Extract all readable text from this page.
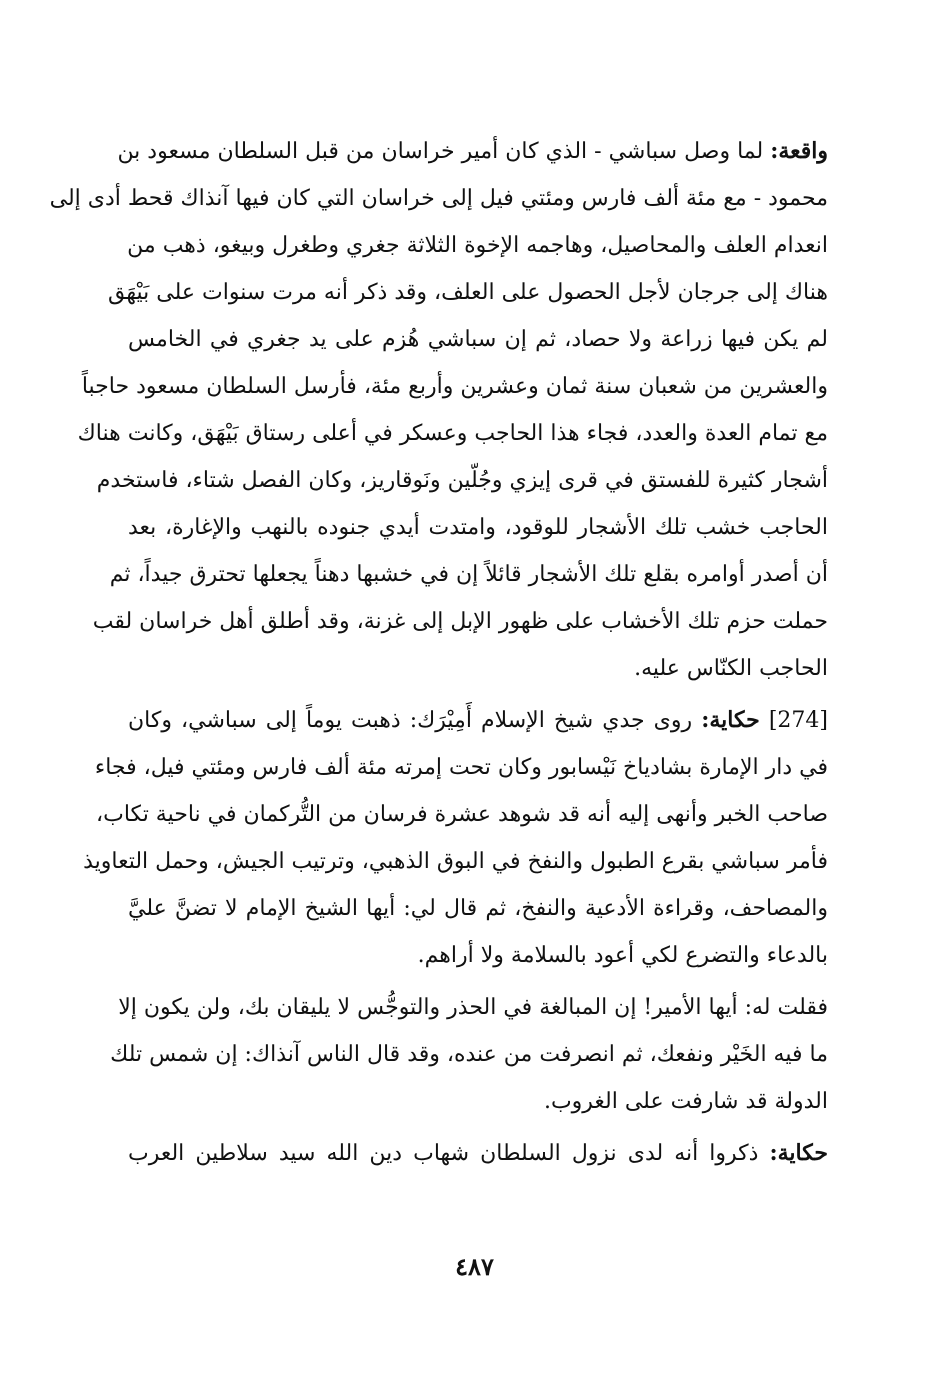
واقعة: لما وصل سباشي - الذي كان أمير خراسان من قبل السلطان مسعود بن
محمود - مع مئة ألف فارس ومئتي فيل إلى خراسان التي كان فيها آنذاك قحط أدى إلى
انعدام العلف والمحاصيل، وهاجمه الإخوة الثلاثة جغري وطغرل وبيغو، ذهب من
هناك إلى جرجان لأجل الحصول على العلف، وقد ذكر أنه مرت سنوات على بَيْهَق
لم يكن فيها زراعة ولا حصاد، ثم إن سباشي هُزم على يد جغري في الخامس
والعشرين من شعبان سنة ثمان وعشرين وأربع مئة، فأرسل السلطان مسعود حاجباً
مع تمام العدة والعدد، فجاء هذا الحاجب وعسكر في أعلى رستاق بَيْهَق، وكانت هناك
أشجار كثيرة للفستق في قرى إيزي وجُلّين ونَوقاريز، وكان الفصل شتاء، فاستخدم
الحاجب خشب تلك الأشجار للوقود، وامتدت أيدي جنوده بالنهب والإغارة، بعد
أن أصدر أوامره بقلع تلك الأشجار قائلاً إن في خشبها دهناً يجعلها تحترق جيداً، ثم
حملت حزم تلك الأخشاب على ظهور الإبل إلى غزنة، وقد أطلق أهل خراسان لقب
الحاجب الكنّاس عليه.
[274] حكاية: روى جدي شيخ الإسلام أَمِيْرَك: ذهبت يوماً إلى سباشي، وكان
في دار الإمارة بشادياخ نَيْسابور وكان تحت إمرته مئة ألف فارس ومئتي فيل، فجاء
صاحب الخبر وأنهى إليه أنه قد شوهد عشرة فرسان من التُّركمان في ناحية تكاب،
فأمر سباشي بقرع الطبول والنفخ في البوق الذهبي، وترتيب الجيش، وحمل التعاويذ
والمصاحف، وقراءة الأدعية والنفخ، ثم قال لي: أيها الشيخ الإمام لا تضنَّ عليَّ
بالدعاء والتضرع لكي أعود بالسلامة ولا أراهم.
فقلت له: أيها الأمير! إن المبالغة في الحذر والتوجُّس لا يليقان بك، ولن يكون إلا
ما فيه الخَيْر ونفعك، ثم انصرفت من عنده، وقد قال الناس آنذاك: إن شمس تلك
الدولة قد شارفت على الغروب.
حكاية: ذكروا أنه لدى نزول السلطان شهاب دين الله سيد سلاطين العرب
٤٨٧
